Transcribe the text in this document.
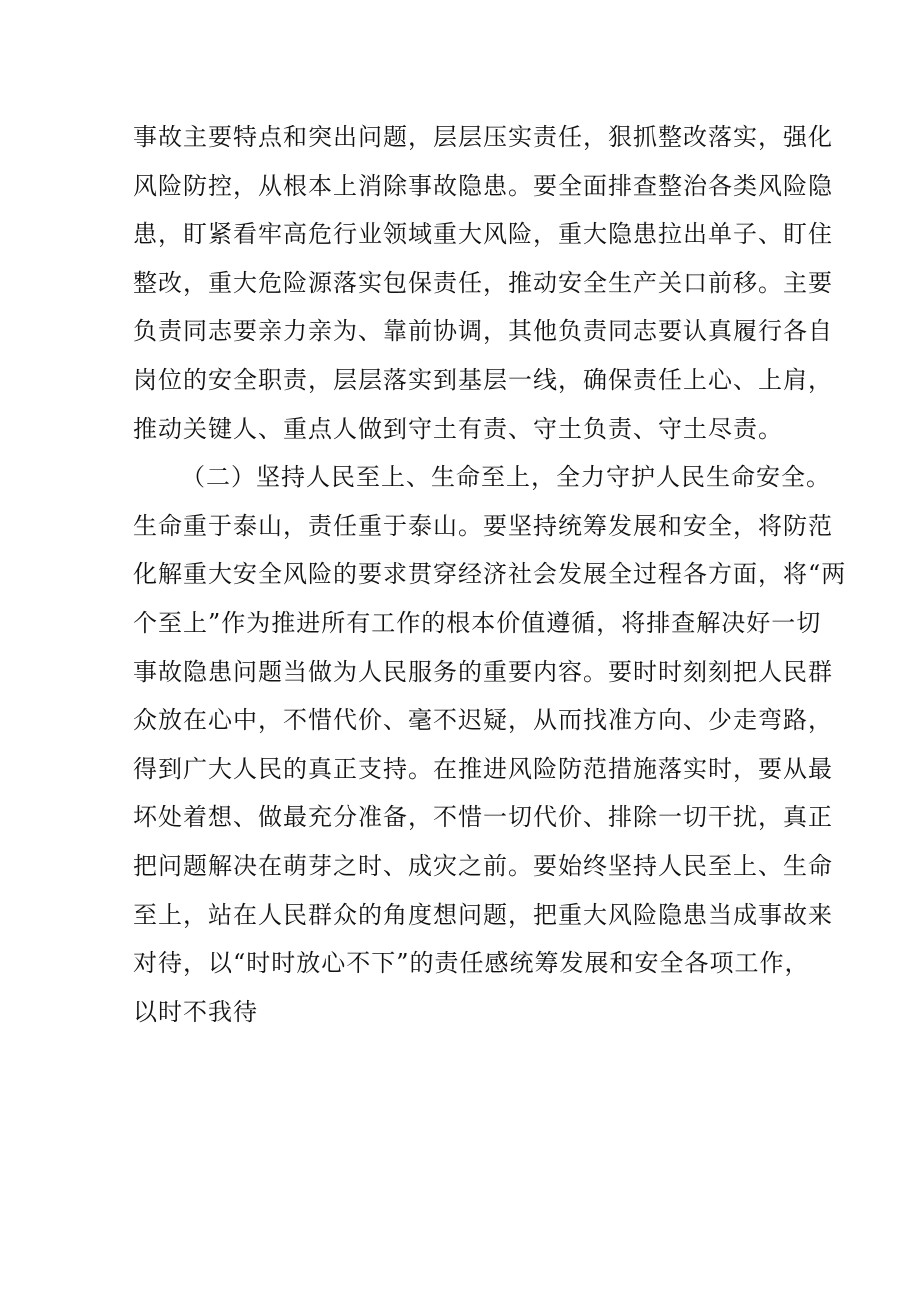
事故主要特点和突出问题，层层压实责任，狠抓整改落实，强化
风险防控，从根本上消除事故隐患。要全面排查整治各类风险隐
患，盯紧看牢高危行业领域重大风险，重大隐患拉出单子、盯住
整改，重大危险源落实包保责任，推动安全生产关口前移。主要
负责同志要亲力亲为、靠前协调，其他负责同志要认真履行各自
岗位的安全职责，层层落实到基层一线，确保责任上心、上肩，
推动关键人、重点人做到守土有责、守土负责、守土尽责。
（二）坚持人民至上、生命至上，全力守护人民生命安全。
生命重于泰山，责任重于泰山。要坚持统筹发展和安全，将防范
化解重大安全风险的要求贯穿经济社会发展全过程各方面，将“两
个至上”作为推进所有工作的根本价值遵循，将排查解决好一切
事故隐患问题当做为人民服务的重要内容。要时时刻刻把人民群
众放在心中，不惜代价、毫不迟疑，从而找准方向、少走弯路，
得到广大人民的真正支持。在推进风险防范措施落实时，要从最
坏处着想、做最充分准备，不惜一切代价、排除一切干扰，真正
把问题解决在萌芽之时、成灾之前。要始终坚持人民至上、生命
至上，站在人民群众的角度想问题，把重大风险隐患当成事故来
对待，以“时时放心不下”的责任感统筹发展和安全各项工作，
以时不我待
